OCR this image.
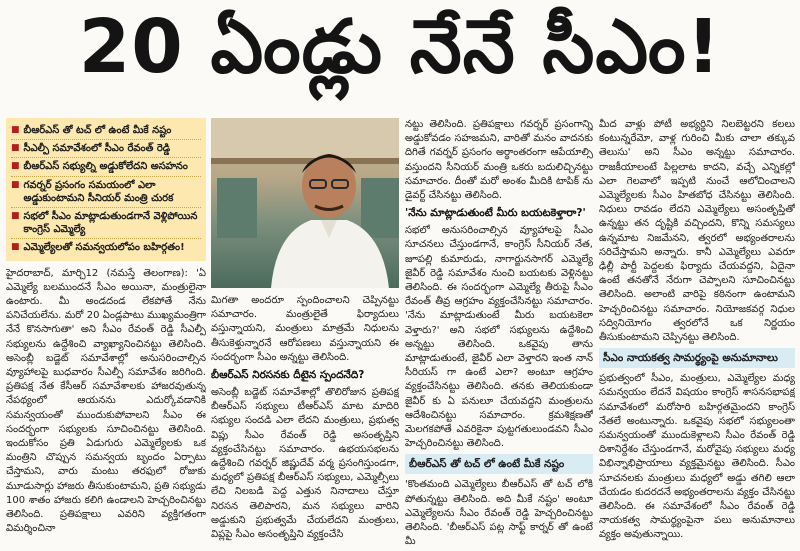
20 ఏండ్లు నేనే సీఎం!
■ బీఆర్ఎస్ తో టచ్ లో ఉంటే మీకే నష్టం
■ సీఎల్పీ సమావేశంలో సీఎం రేవంత్ రెడ్డి
■ బీఆర్ఎస్ సభ్యుల్ని అడ్డుకోలేదని అసహనం
■ గవర్నర్ ప్రసంగం సమయంలో ఎలా అడ్డుకుంటామని సీనియర్ మంత్రి చురక
■ సభలో సీఎం మాట్లాడుతుండగానే వెళ్లిపోయిన కాంగ్రెస్ ఎమ్మెల్యే
■ ఎమ్మెల్యేలతో సమన్వయలోపం బహిర్గతం!

హైదరాబాద్, మార్చి12 (నమస్తే తెలంగాణ): 'ఏ ఎమ్మెల్యే బలముందనే సీఎం అయినా, మంత్రులైనా ఉంటారు. మీ అండదండ లేకపోతే నేను పనిచేయలేను. మరో 20 ఏండ్లపాటు ముఖ్యమంత్రిగా నేనే కొనసాగుతా' అని సీఎం రేవంత్ రెడ్డి సీఎల్పీ సభ్యులను ఉద్దేశించి వ్యాఖ్యానించినట్టు తెలిసింది. అసెంబ్లీ బడ్జెట్ సమావేశాల్లో అనుసరించాల్సిన వ్యూహాలపై బుధవారం సీఎల్పీ సమావేశం జరిగింది. ప్రతిపక్ష నేత కేసీఆర్ సమావేశాలకు హాజరవుతున్న నేపథ్యంలో ఆయనను ఎదుర్కోవడానికి సమన్వయంతో ముందుకుపోవాలని సీఎం ఈ సందర్భంగా సభ్యులకు సూచించినట్టు తెలిసింది. ఇందుకోసం ప్రతి ఏడుగురు ఎమ్మెల్యేలకు ఒక మంత్రిని చొప్పున సమన్వయ బృందం ఏర్పాటు చేస్తామని, వారు మంటు తరఫులో రోజుకు మూడుసార్లు హాజరు తీసుకుంటామని, ప్రతి సభ్యుడు 100 శాతం హాజరు కలిగి ఉండాలని హెచ్చరించినట్టు తెలిసింది. ప్రతిపక్షాలు ఎవరిని వ్యక్తిగతంగా విమర్శించినా

మిగతా అందరూ స్పందించాలని చెప్పినట్టు సమాచారం. మంత్రులైతే ఫిర్యాదులు వస్తున్నాయని, మంత్రులు మాత్రమే నిధులను తీసుకెళ్తున్నారనే ఆరోపణలు వస్తున్నాయని ఈ సందర్భంగా సీఎం అన్నట్టు తెలిసింది.

బీఆర్ఎస్ నిరసనకు దీటైన స్పందనేది?

అసెంబ్లీ బడ్జెట్ సమావేశాల్లో తొలిరోజున ప్రతిపక్ష బీఆర్ఎస్ సభ్యులు టీఆర్ఎస్ మాట మాదిరి సభ్యుల సందడి ఎలా లేదని మంత్రులు, ప్రభుత్వ విప్లు సీఎం రేవంత్ రెడ్డి అసంతృప్తిని వ్యక్తంచేసినట్టు సమాచారం. ఉభయసభలను ఉద్దేశించి గవర్నర్ జిష్ణుదేవ్ వర్మ ప్రసంగిస్తుండగా, మధ్యలో ప్రతిపక్ష బీఆర్ఎస్ సభ్యులు, ఎమ్మెల్సీలు లేచి నిలబడి పెద్ద ఎత్తున నినాదాలు చేస్తూ నిరసన తెలిపారని, మన సభ్యులు వారిని అడ్డుకుని ప్రభుత్వమే చేయలేదని మంత్రులు, విప్లపై సీఎం అసంతృప్తిని వ్యక్తంచేసి

నట్టు తెలిసింది. ప్రతిపక్షాలు గవర్నర్ ప్రసంగాన్ని అడ్డుకోవడం సహజమని, వారితో మనం వాదనకు దిగితే గవర్నర్ ప్రసంగం అర్థాంతరంగా ఆపేయాల్సి వస్తుందని సీనియర్ మంత్రి ఒకరు బదులిచ్చినట్టు సమాచారం. దీంతో మరో అంశం మీదికి టాపిక్ ను డైవర్ట్ చేసినట్టు తెలిసింది.

'నేను మాట్లాడుతుంటే మీరు బయటకెళ్తారా?'

సభలో అనుసరించాల్సిన వ్యూహాలపై సీఎం సూచనలు చేస్తుండగానే, కాంగ్రెస్ సీనియర్ నేత, జూపల్లి కుమారుడు, నాగార్జునసాగర్ ఎమ్మెల్యే జైవీర్ రెడ్డి సమావేశం నుంచి బయటకు వెళ్లినట్టు తెలిసింది. ఈ సందర్భంగా ఎమ్మెల్యే తీరుపై సీఎం రేవంత్ తీవ్ర ఆగ్రహం వ్యక్తంచేసినట్టు సమాచారం. 'నేను మాట్లాడుతుంటే మీరు బయటకెలా వెళ్తారు?' అని సభలో సభ్యులను ఉద్దేశించి అన్నట్టు తెలిసింది. ఒకవైపు తాను మాట్లాడుతుంటే, జైవీర్ ఎలా వెళ్తారని ఇంత నాన్ సీరియస్ గా ఉంటే ఎలా? అంటూ ఆగ్రహం వ్యక్తంచేసినట్టు తెలిసింది. తనకు తెలియకుండా జైవీర్ కు ఏ పనులూ చేయవద్దని మంత్రులను ఆదేశించినట్టు సమాచారం. క్రమశిక్షణతో మెలగకపోతే ఎవరికైనా పుట్టగతులుండవని సీఎం హెచ్చరించినట్టు తెలిసింది.

బీఆర్ఎస్ తో టచ్ లో ఉంటే మీకే నష్టం

'కొంతమంది ఎమ్మెల్యేలు బీఆర్ఎస్ తో టచ్ లోకి పోతున్నట్టు తెలిసింది. అది మీకే నష్టం' అంటూ ఎమ్మెల్యేలను సీఎం రేవంత్ రెడ్డి హెచ్చరించినట్టు తెలిసింది. 'బీఆర్ఎస్ పట్ల సాఫ్ట్ కార్నర్ తో ఉంటే మీ

మీద వాళ్లు పోటీ అభ్యర్థిని నిలబెట్టరని కలలు కంటున్నరేమో, వాళ్ల గురించి మీకు చాలా తక్కువ తెలుసు' అని సీఎం అన్నట్టు సమాచారం. రాజకీయాలంటే పిల్లలాట కాదని, వచ్చే ఎన్నికల్లో ఎలా గెలవాలో ఇప్పటి నుంచే ఆలోచించాలని ఎమ్మెల్యేలకు సీఎం హితబోధ చేసినట్టు తెలిసింది. నిధులు రావడం లేదని ఎమ్మెల్యేలు అసంతృప్తితో ఉన్నట్టు తన దృష్టికి వచ్చిందని, కొన్ని సమస్యలు ఉన్నమాట నిజమేనని, త్వరలో అభ్యంతరాలను సరిచేస్తామని అన్నారు. కానీ ఎమ్మెల్యేలు ఎవరూ ఢిల్లీ పార్టీ పెద్దలకు ఫిర్యాదు చేయవద్దని, ఏదైనా ఉంటే తనతోనే నేరుగా చెప్పాలని సూచించినట్టు తెలిసింది. అలాంటి వారిపై కఠినంగా ఉంటామని హెచ్చరించినట్టు సమాచారం. నియోజకవర్గ నిధుల సద్వినియోగం త్వరలోనే ఒక నిర్ణయం తీసుకుంటామని చెప్పినట్టు తెలిసింది.

సీఎం నాయకత్వ సామర్థ్యంపై అనుమానాలు

ప్రభుత్వంలో సీఎం, మంత్రులు, ఎమ్మెల్యేల మధ్య సమన్వయం లేదనే విషయం కాంగ్రెస్ శాసనసభాపక్ష సమావేశంలో మరోసారి బహిర్గతమైందని కాంగ్రెస్ నేతలే అంటున్నారు. ఒకవైపు సభలో సభ్యులంతా సమన్వయంతో ముందుకెళ్లాలని సీఎం రేవంత్ రెడ్డి దిశానిర్దేశం చేస్తుండగానే, మరోవైపు సభ్యులు మధ్య విభిన్నాభిప్రాయాలు వ్యక్తమైనట్టు తెలిసింది. సీఎం సూచనలకు మంత్రులు మధ్యలో అడ్డు తగిలి ఆలా చేయడం కుదరదనే అభ్యంతరాలను వ్యక్తం చేసినట్టు తెలిసింది. ఈ సమావేశంలో సీఎం రేవంత్ రెడ్డి నాయకత్వ సామర్థ్యంపైనా పలు అనుమానాలు వ్యక్తం అవుతున్నాయి.
